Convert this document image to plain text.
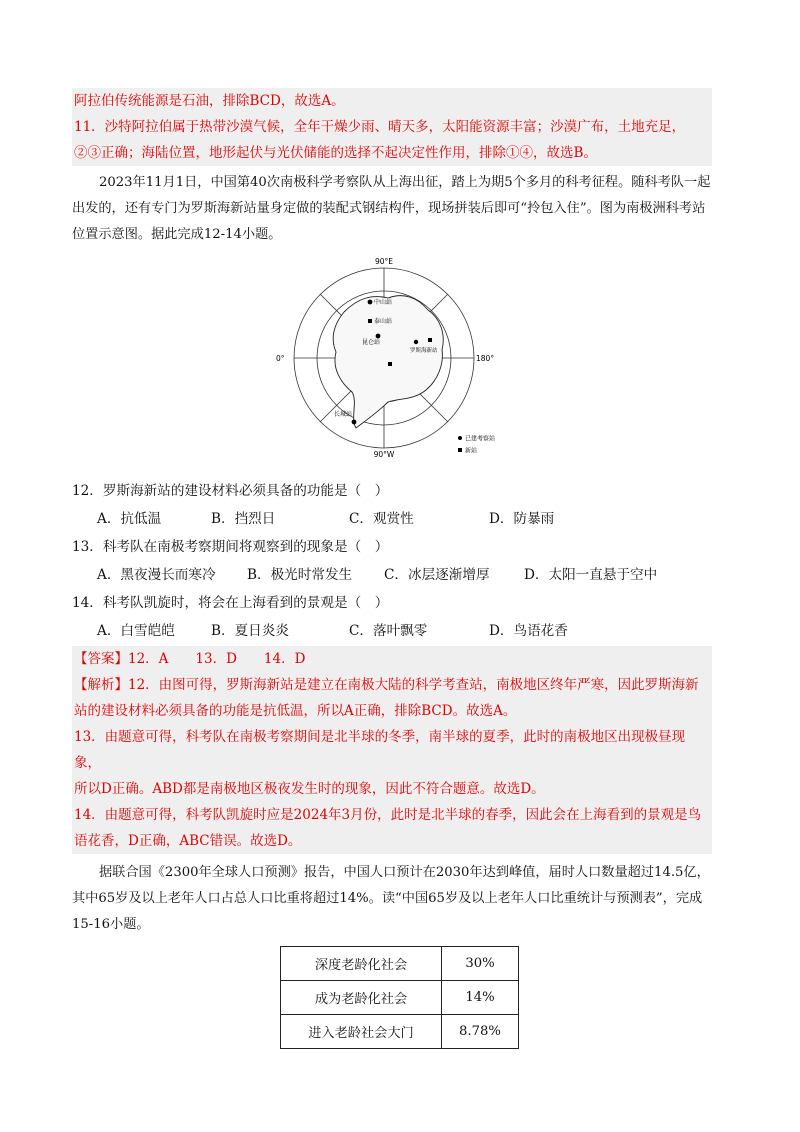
阿拉伯传统能源是石油，排除BCD，故选A。

11．沙特阿拉伯属于热带沙漠气候，全年干燥少雨、晴天多，太阳能资源丰富；沙漠广布，土地充足，

②③正确；海陆位置，地形起伏与光伏储能的选择不起决定性作用，排除①④，故选B。

2023年11月1日，中国第40次南极科学考察队从上海出征，踏上为期5个多月的科考征程。随科考队一起出发的，还有专门为罗斯海新站量身定做的装配式钢结构件，现场拼装后即可“拎包入住”。图为南极洲科考站位置示意图。据此完成12-14小题。

90°E
90°W
0°	180°
中山站
泰山站
昆仑站
罗斯海新站
长城站
已建考察站
新站

12．罗斯海新站的建设材料必须具备的功能是（　）

A．抗低温	B．挡烈日	C．观赏性	D．防暴雨

13．科考队在南极考察期间将观察到的现象是（　）

A．黑夜漫长而寒冷	B．极光时常发生	C．冰层逐渐增厚	D．太阳一直悬于空中

14．科考队凯旋时，将会在上海看到的景观是（　）

A．白雪皑皑	B．夏日炎炎	C．落叶飘零	D．鸟语花香

【答案】12．A　　13．D　　14．D

【解析】12．由图可得，罗斯海新站是建立在南极大陆的科学考查站，南极地区终年严寒，因此罗斯海新

站的建设材料必须具备的功能是抗低温，所以A正确，排除BCD。故选A。

13．由题意可得，科考队在南极考察期间是北半球的冬季，南半球的夏季，此时的南极地区出现极昼现象，

所以D正确。ABD都是南极地区极夜发生时的现象，因此不符合题意。故选D。

14．由题意可得，科考队凯旋时应是2024年3月份，此时是北半球的春季，因此会在上海看到的景观是鸟

语花香，D正确，ABC错误。故选D。

据联合国《2300年全球人口预测》报告，中国人口预计在2030年达到峰值，届时人口数量超过14.5亿，其中65岁及以上老年人口占总人口比重将超过14%。读“中国65岁及以上老年人口比重统计与预测表”，完成15-16小题。

深度老龄化社会	30%
成为老龄化社会	14%
进入老龄社会大门	8.78%
